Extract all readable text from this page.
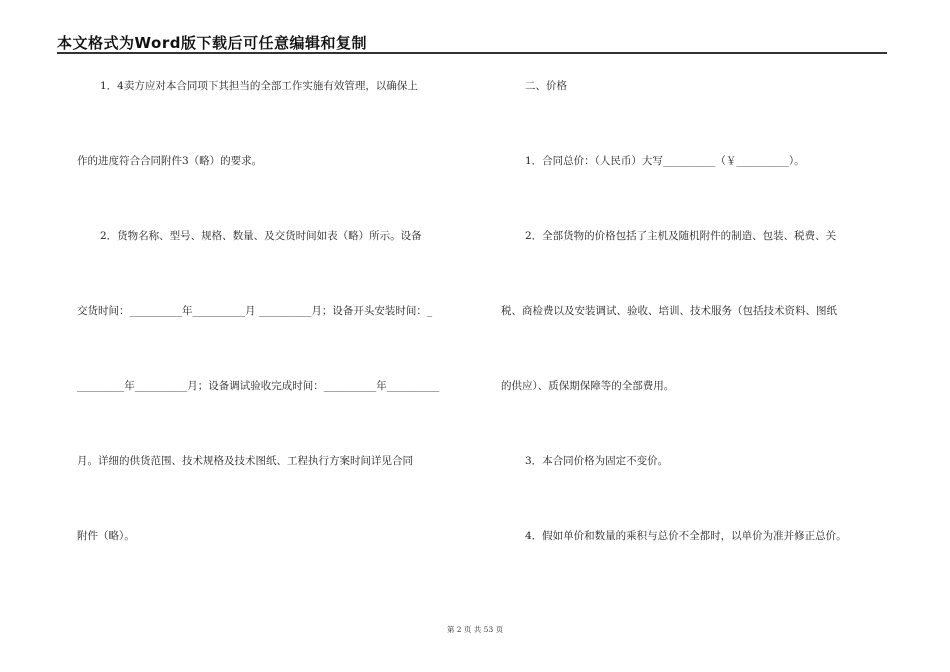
本文格式为Word版下载后可任意编辑和复制
1．4卖方应对本合同项下其担当的全部工作实施有效管理，以确保上
作的进度符合合同附件3（略）的要求。
2．货物名称、型号、规格、数量、及交货时间如表（略）所示。设备
交货时间：__________年__________月 __________月；设备开头安装时间：_
_________年__________月；设备调试验收完成时间：__________年__________
月。详细的供货范围、技术规格及技术图纸、工程执行方案时间详见合同
附件（略）。
二、价格
1．合同总价：（人民币）大写__________（￥__________）。
2．全部货物的价格包括了主机及随机附件的制造、包装、税费、关
税、商检费以及安装调试、验收、培训、技术服务（包括技术资料、图纸
的供应）、质保期保障等的全部费用。
3．本合同价格为固定不变价。
4．假如单价和数量的乘积与总价不全都时，以单价为准并修正总价。
第 2 页 共 53 页
